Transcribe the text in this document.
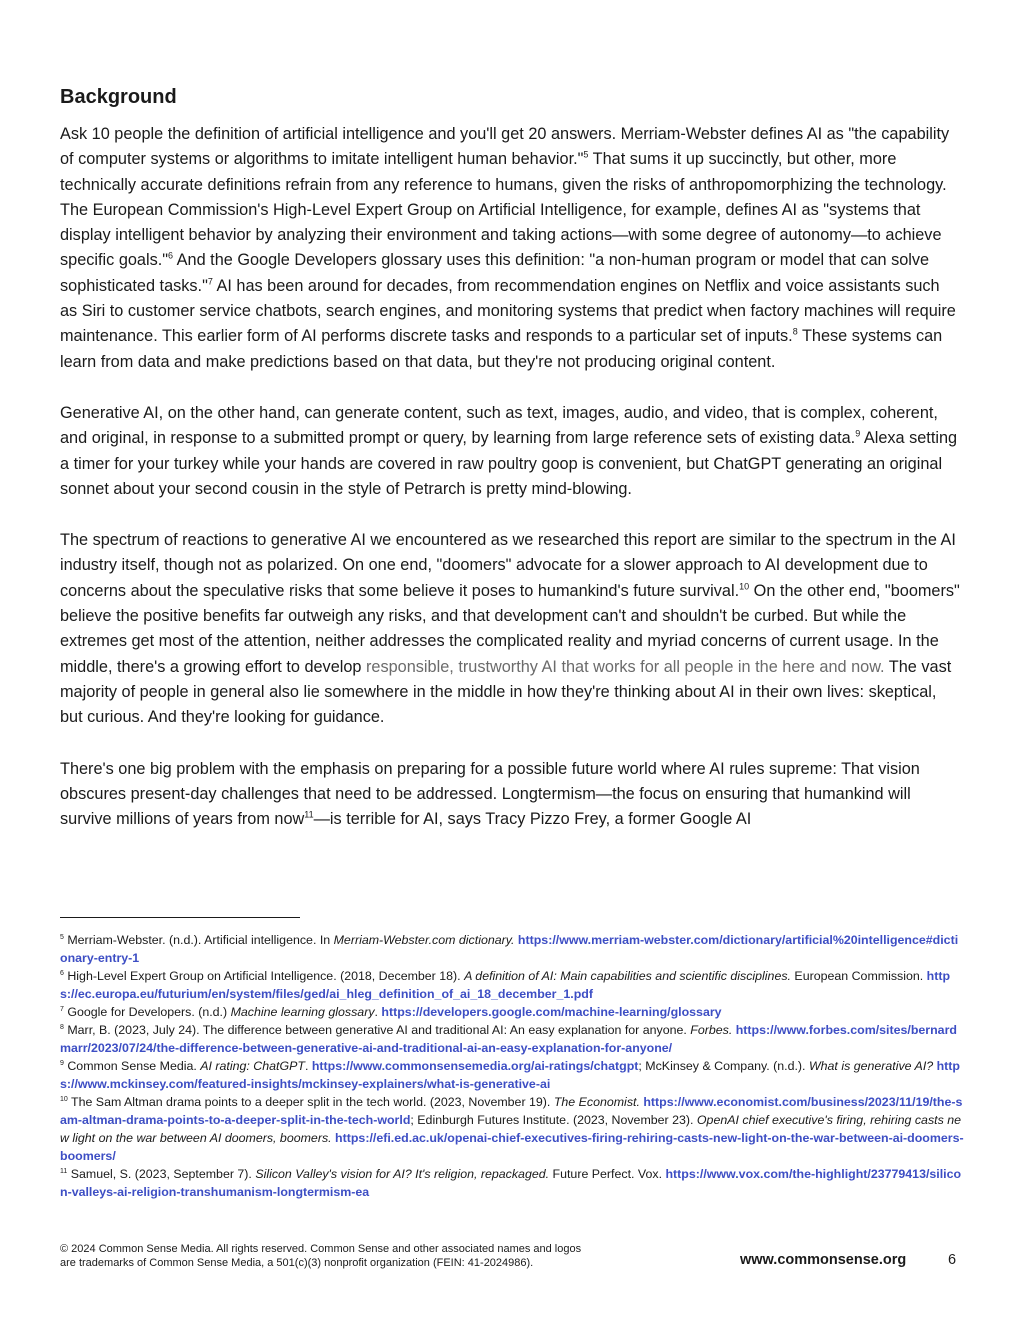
Background

Ask 10 people the definition of artificial intelligence and you'll get 20 answers. Merriam-Webster defines AI as "the capability of computer systems or algorithms to imitate intelligent human behavior."$^5$ That sums it up succinctly, but other, more technically accurate definitions refrain from any reference to humans, given the risks of anthropomorphizing the technology. The European Commission's High-Level Expert Group on Artificial Intelligence, for example, defines AI as "systems that display intelligent behavior by analyzing their environment and taking actions—with some degree of autonomy—to achieve specific goals."$^6$ And the Google Developers glossary uses this definition: "a non-human program or model that can solve sophisticated tasks."$^7$ AI has been around for decades, from recommendation engines on Netflix and voice assistants such as Siri to customer service chatbots, search engines, and monitoring systems that predict when factory machines will require maintenance. This earlier form of AI performs discrete tasks and responds to a particular set of inputs.$^8$ These systems can learn from data and make predictions based on that data, but they're not producing original content.

Generative AI, on the other hand, can generate content, such as text, images, audio, and video, that is complex, coherent, and original, in response to a submitted prompt or query, by learning from large reference sets of existing data.$^9$ Alexa setting a timer for your turkey while your hands are covered in raw poultry goop is convenient, but ChatGPT generating an original sonnet about your second cousin in the style of Petrarch is pretty mind-blowing.

The spectrum of reactions to generative AI we encountered as we researched this report are similar to the spectrum in the AI industry itself, though not as polarized. On one end, "doomers" advocate for a slower approach to AI development due to concerns about the speculative risks that some believe it poses to humankind's future survival.$^{10}$ On the other end, "boomers" believe the positive benefits far outweigh any risks, and that development can't and shouldn't be curbed. But while the extremes get most of the attention, neither addresses the complicated reality and myriad concerns of current usage. In the middle, there's a growing effort to develop responsible, trustworthy AI that works for all people in the here and now. The vast majority of people in general also lie somewhere in the middle in how they're thinking about AI in their own lives: skeptical, but curious. And they're looking for guidance.

There's one big problem with the emphasis on preparing for a possible future world where AI rules supreme: That vision obscures present-day challenges that need to be addressed. Longtermism—the focus on ensuring that humankind will survive millions of years from now$^{11}$—is terrible for AI, says Tracy Pizzo Frey, a former Google AI

$^5$ Merriam-Webster. (n.d.). Artificial intelligence. In Merriam-Webster.com dictionary. https://www.merriam-webster.com/dictionary/artificial%20intelligence#dictionary-entry-1

$^6$ High-Level Expert Group on Artificial Intelligence. (2018, December 18). A definition of AI: Main capabilities and scientific disciplines. European Commission. https://ec.europa.eu/futurium/en/system/files/ged/ai_hleg_definition_of_ai_18_december_1.pdf

$^7$ Google for Developers. (n.d.) Machine learning glossary. https://developers.google.com/machine-learning/glossary

$^8$ Marr, B. (2023, July 24). The difference between generative AI and traditional AI: An easy explanation for anyone. Forbes. https://www.forbes.com/sites/bernardmarr/2023/07/24/the-difference-between-generative-ai-and-traditional-ai-an-easy-explanation-for-anyone/

$^9$ Common Sense Media. AI rating: ChatGPT. https://www.commonsensemedia.org/ai-ratings/chatgpt; McKinsey & Company. (n.d.). What is generative AI? https://www.mckinsey.com/featured-insights/mckinsey-explainers/what-is-generative-ai

$^{10}$ The Sam Altman drama points to a deeper split in the tech world. (2023, November 19). The Economist. https://www.economist.com/business/2023/11/19/the-sam-altman-drama-points-to-a-deeper-split-in-the-tech-world; Edinburgh Futures Institute. (2023, November 23). OpenAI chief executive's firing, rehiring casts new light on the war between AI doomers, boomers. https://efi.ed.ac.uk/openai-chief-executives-firing-rehiring-casts-new-light-on-the-war-between-ai-doomers-boomers/

$^{11}$ Samuel, S. (2023, September 7). Silicon Valley's vision for AI? It's religion, repackaged. Future Perfect. Vox. https://www.vox.com/the-highlight/23779413/silicon-valleys-ai-religion-transhumanism-longtermism-ea

© 2024 Common Sense Media. All rights reserved. Common Sense and other associated names and logos
are trademarks of Common Sense Media, a 501(c)(3) nonprofit organization (FEIN: 41-2024986).	www.commonsense.org	6
